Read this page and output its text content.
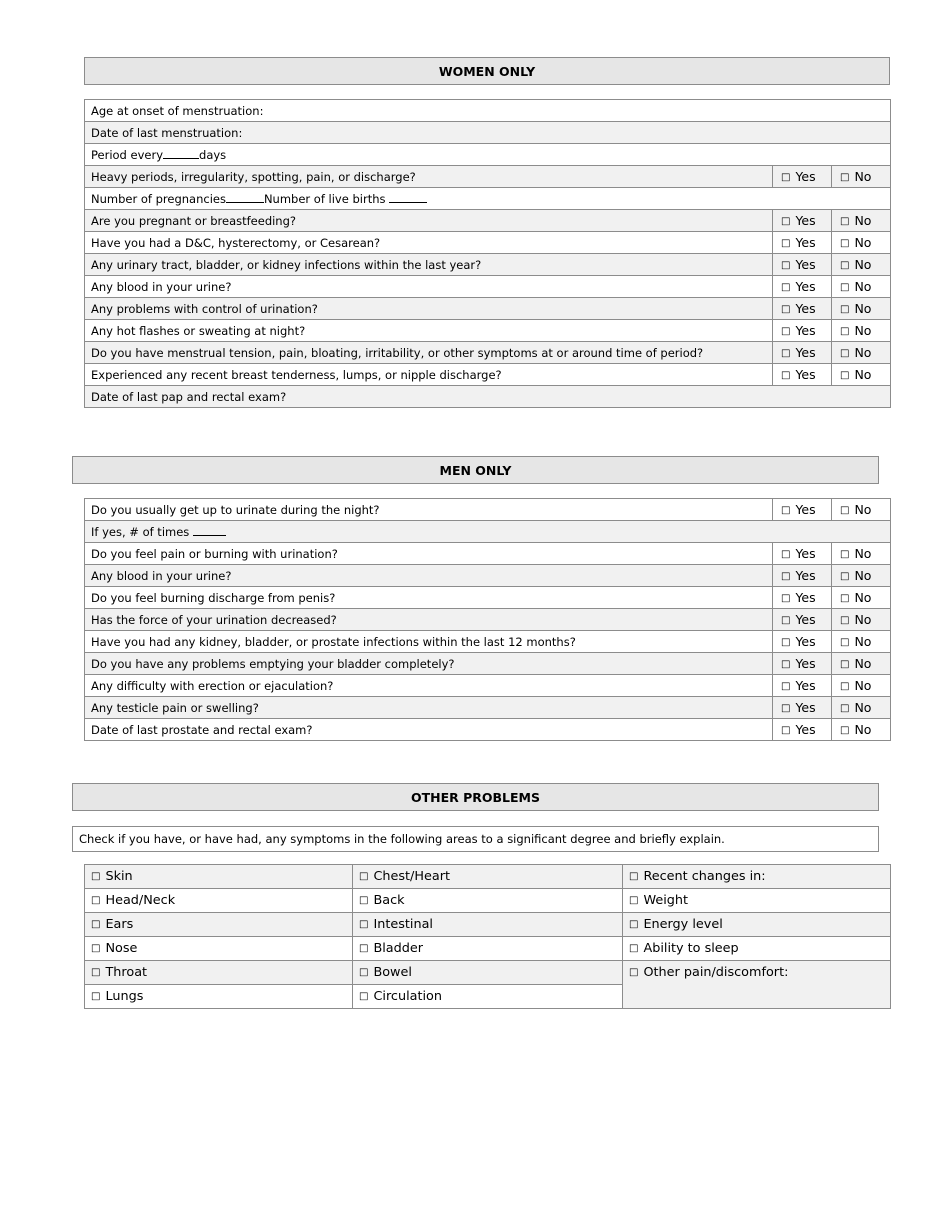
WOMEN ONLY
Age at onset of menstruation:		
Date of last menstruation:		
Period every days		
Heavy periods, irregularity, spotting, pain, or discharge?	□ Yes	□ No
Number of pregnancies Number of live births		
Are you pregnant or breastfeeding?	□ Yes	□ No
Have you had a D&C, hysterectomy, or Cesarean?	□ Yes	□ No
Any urinary tract, bladder, or kidney infections within the last year?	□ Yes	□ No
Any blood in your urine?	□ Yes	□ No
Any problems with control of urination?	□ Yes	□ No
Any hot flashes or sweating at night?	□ Yes	□ No
Do you have menstrual tension, pain, bloating, irritability, or other symptoms at or around time of period?	□ Yes	□ No
Experienced any recent breast tenderness, lumps, or nipple discharge?	□ Yes	□ No
Date of last pap and rectal exam?		
MEN ONLY
Do you usually get up to urinate during the night?	□ Yes	□ No
If yes, # of times		
Do you feel pain or burning with urination?	□ Yes	□ No
Any blood in your urine?	□ Yes	□ No
Do you feel burning discharge from penis?	□ Yes	□ No
Has the force of your urination decreased?	□ Yes	□ No
Have you had any kidney, bladder, or prostate infections within the last 12 months?	□ Yes	□ No
Do you have any problems emptying your bladder completely?	□ Yes	□ No
Any difficulty with erection or ejaculation?	□ Yes	□ No
Any testicle pain or swelling?	□ Yes	□ No
Date of last prostate and rectal exam?	□ Yes	□ No
OTHER PROBLEMS
Check if you have, or have had, any symptoms in the following areas to a significant degree and briefly explain.
□ Skin	□ Chest/Heart	□ Recent changes in:
□ Head/Neck	□ Back	□ Weight
□ Ears	□ Intestinal	□ Energy level
□ Nose	□ Bladder	□ Ability to sleep
□ Throat	□ Bowel	□ Other pain/discomfort:
□ Lungs	□ Circulation	
